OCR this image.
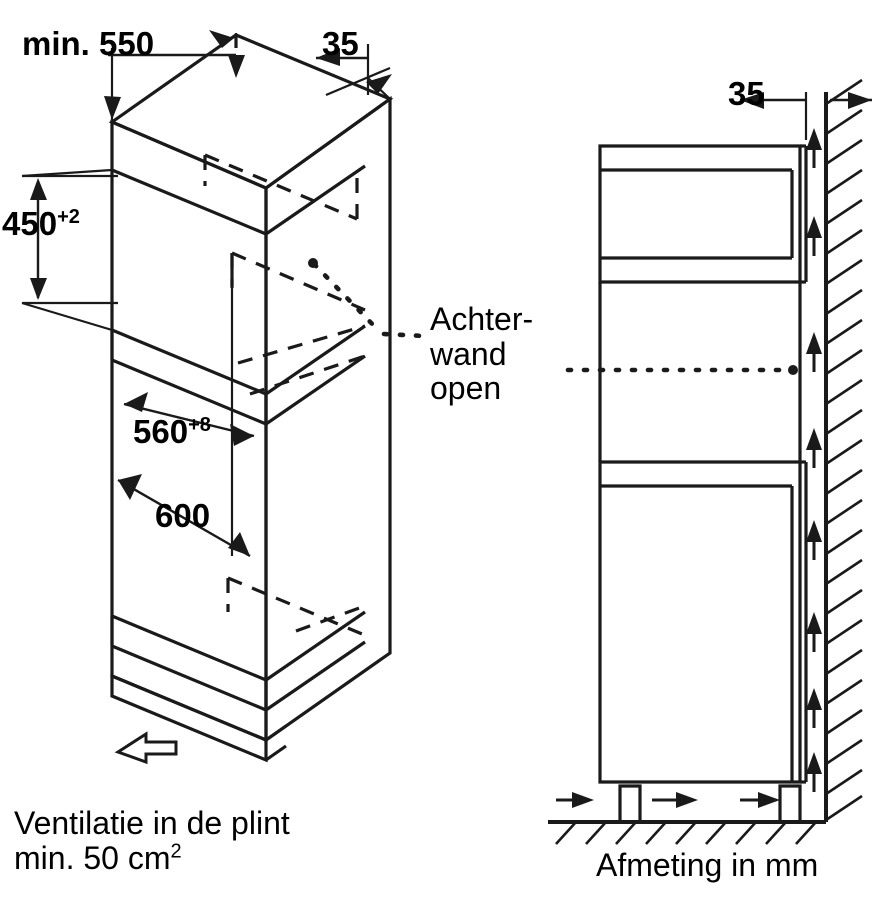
min. 550	35
$450^{+2}$
$560^{+8}$
600
35
Achter-
wand
open
Ventilatie in de plint
min. 50 $cm^2$	Afmeting in mm
